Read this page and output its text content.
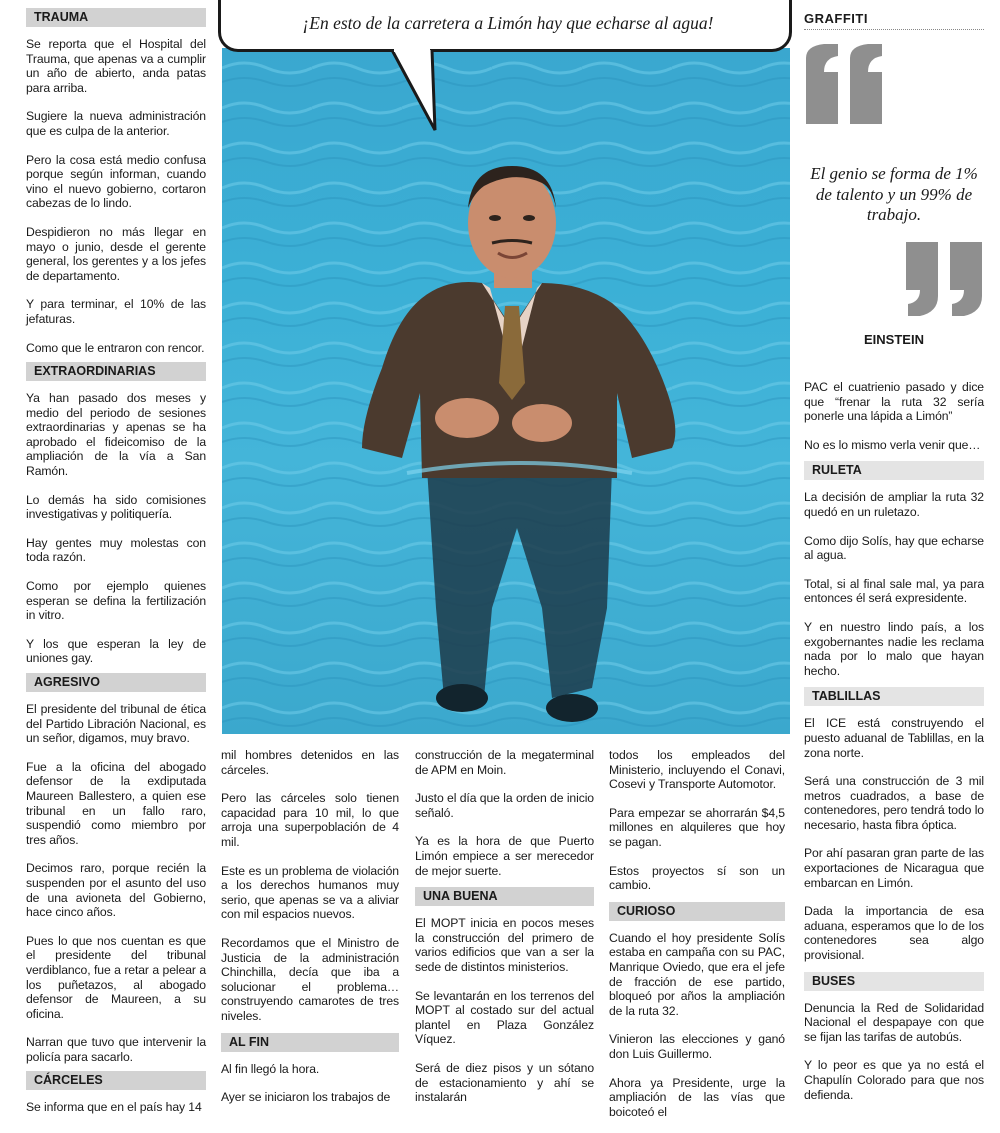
TRAUMA

Se reporta que el Hospital del Trauma, que apenas va a cumplir un año de abierto, anda patas para arriba.

Sugiere la nueva administración que es culpa de la anterior.

Pero la cosa está medio confusa porque según informan, cuando vino el nuevo gobierno, cortaron cabezas de lo lindo.

Despidieron no más llegar en mayo o junio, desde el gerente general, los gerentes y a los jefes de departamento.

Y para terminar, el 10% de las jefaturas.

Como que le entraron con rencor.

EXTRAORDINARIAS

Ya han pasado dos meses y medio del periodo de sesiones extraordinarias y apenas se ha aprobado el fideicomiso de la ampliación de la vía a San Ramón.

Lo demás ha sido comisiones investigativas y politiquería.

Hay gentes muy molestas con toda razón.

Como por ejemplo quienes esperan se defina la fertilización in vitro.

Y los que esperan la ley de uniones gay.

AGRESIVO

El presidente del tribunal de ética del Partido Libración Nacional, es un señor, digamos, muy bravo.

Fue a la oficina del abogado defensor de la exdiputada Maureen Ballestero, a quien ese tribunal en un fallo raro, suspendió como miembro por tres años.

Decimos raro, porque recién la suspenden por el asunto del uso de una avioneta del Gobierno, hace cinco años.

Pues lo que nos cuentan es que el presidente del tribunal verdiblanco, fue a retar a pelear a los puñetazos, al abogado defensor de Maureen, a su oficina.

Narran que tuvo que intervenir la policía para sacarlo.

CÁRCELES

Se informa que en el país hay 14

¡En esto de la carretera a Limón hay que echarse al agua!	GRAFFITI
El genio se forma de 1% de talento y un 99% de trabajo.
EINSTEIN

mil hombres detenidos en las cárceles.

Pero las cárceles solo tienen capacidad para 10 mil, lo que arroja una superpoblación de 4 mil.

Este es un problema de violación a los derechos humanos muy serio, que apenas se va a aliviar con mil espacios nuevos.

Recordamos que el Ministro de Justicia de la administración Chinchilla, decía que iba a solucionar el problema… construyendo camarotes de tres niveles.

AL FIN

Al fin llegó la hora.

Ayer se iniciaron los trabajos de

construcción de la megaterminal de APM en Moin.

Justo el día que la orden de inicio señaló.

Ya es la hora de que Puerto Limón empiece a ser merecedor de mejor suerte.

UNA BUENA

El MOPT inicia en pocos meses la construcción del primero de varios edificios que van a ser la sede de distintos ministerios.

Se levantarán en los terrenos del MOPT al costado sur del actual plantel en Plaza González Víquez.

Será de diez pisos y un sótano de estacionamiento y ahí se instalarán

todos los empleados del Ministerio, incluyendo el Conavi, Cosevi y Transporte Automotor.

Para empezar se ahorrarán $4,5 millones en alquileres que hoy se pagan.

Estos proyectos sí son un cambio.

CURIOSO

Cuando el hoy presidente Solís estaba en campaña con su PAC, Manrique Oviedo, que era el jefe de fracción de ese partido, bloqueó por años la ampliación de la ruta 32.

Vinieron las elecciones y ganó don Luis Guillermo.

Ahora ya Presidente, urge la ampliación de las vías que boicoteó el

PAC el cuatrienio pasado y dice que “frenar la ruta 32 sería ponerle una lápida a Limón”

No es lo mismo verla venir que…

RULETA

La decisión de ampliar la ruta 32 quedó en un ruletazo.

Como dijo Solís, hay que echarse al agua.

Total, si al final sale mal, ya para entonces él será expresidente.

Y en nuestro lindo país, a los exgobernantes nadie les reclama nada por lo malo que hayan hecho.

TABLILLAS

El ICE está construyendo el puesto aduanal de Tablillas, en la zona norte.

Será una construcción de 3 mil metros cuadrados, a base de contenedores, pero tendrá todo lo necesario, hasta fibra óptica.

Por ahí pasaran gran parte de las exportaciones de Nicaragua que embarcan en Limón.

Dada la importancia de esa aduana, esperamos que lo de los contenedores sea algo provisional.

BUSES

Denuncia la Red de Solidaridad Nacional el despapaye con que se fijan las tarifas de autobús.

Y lo peor es que ya no está el Chapulín Colorado para que nos defienda.
